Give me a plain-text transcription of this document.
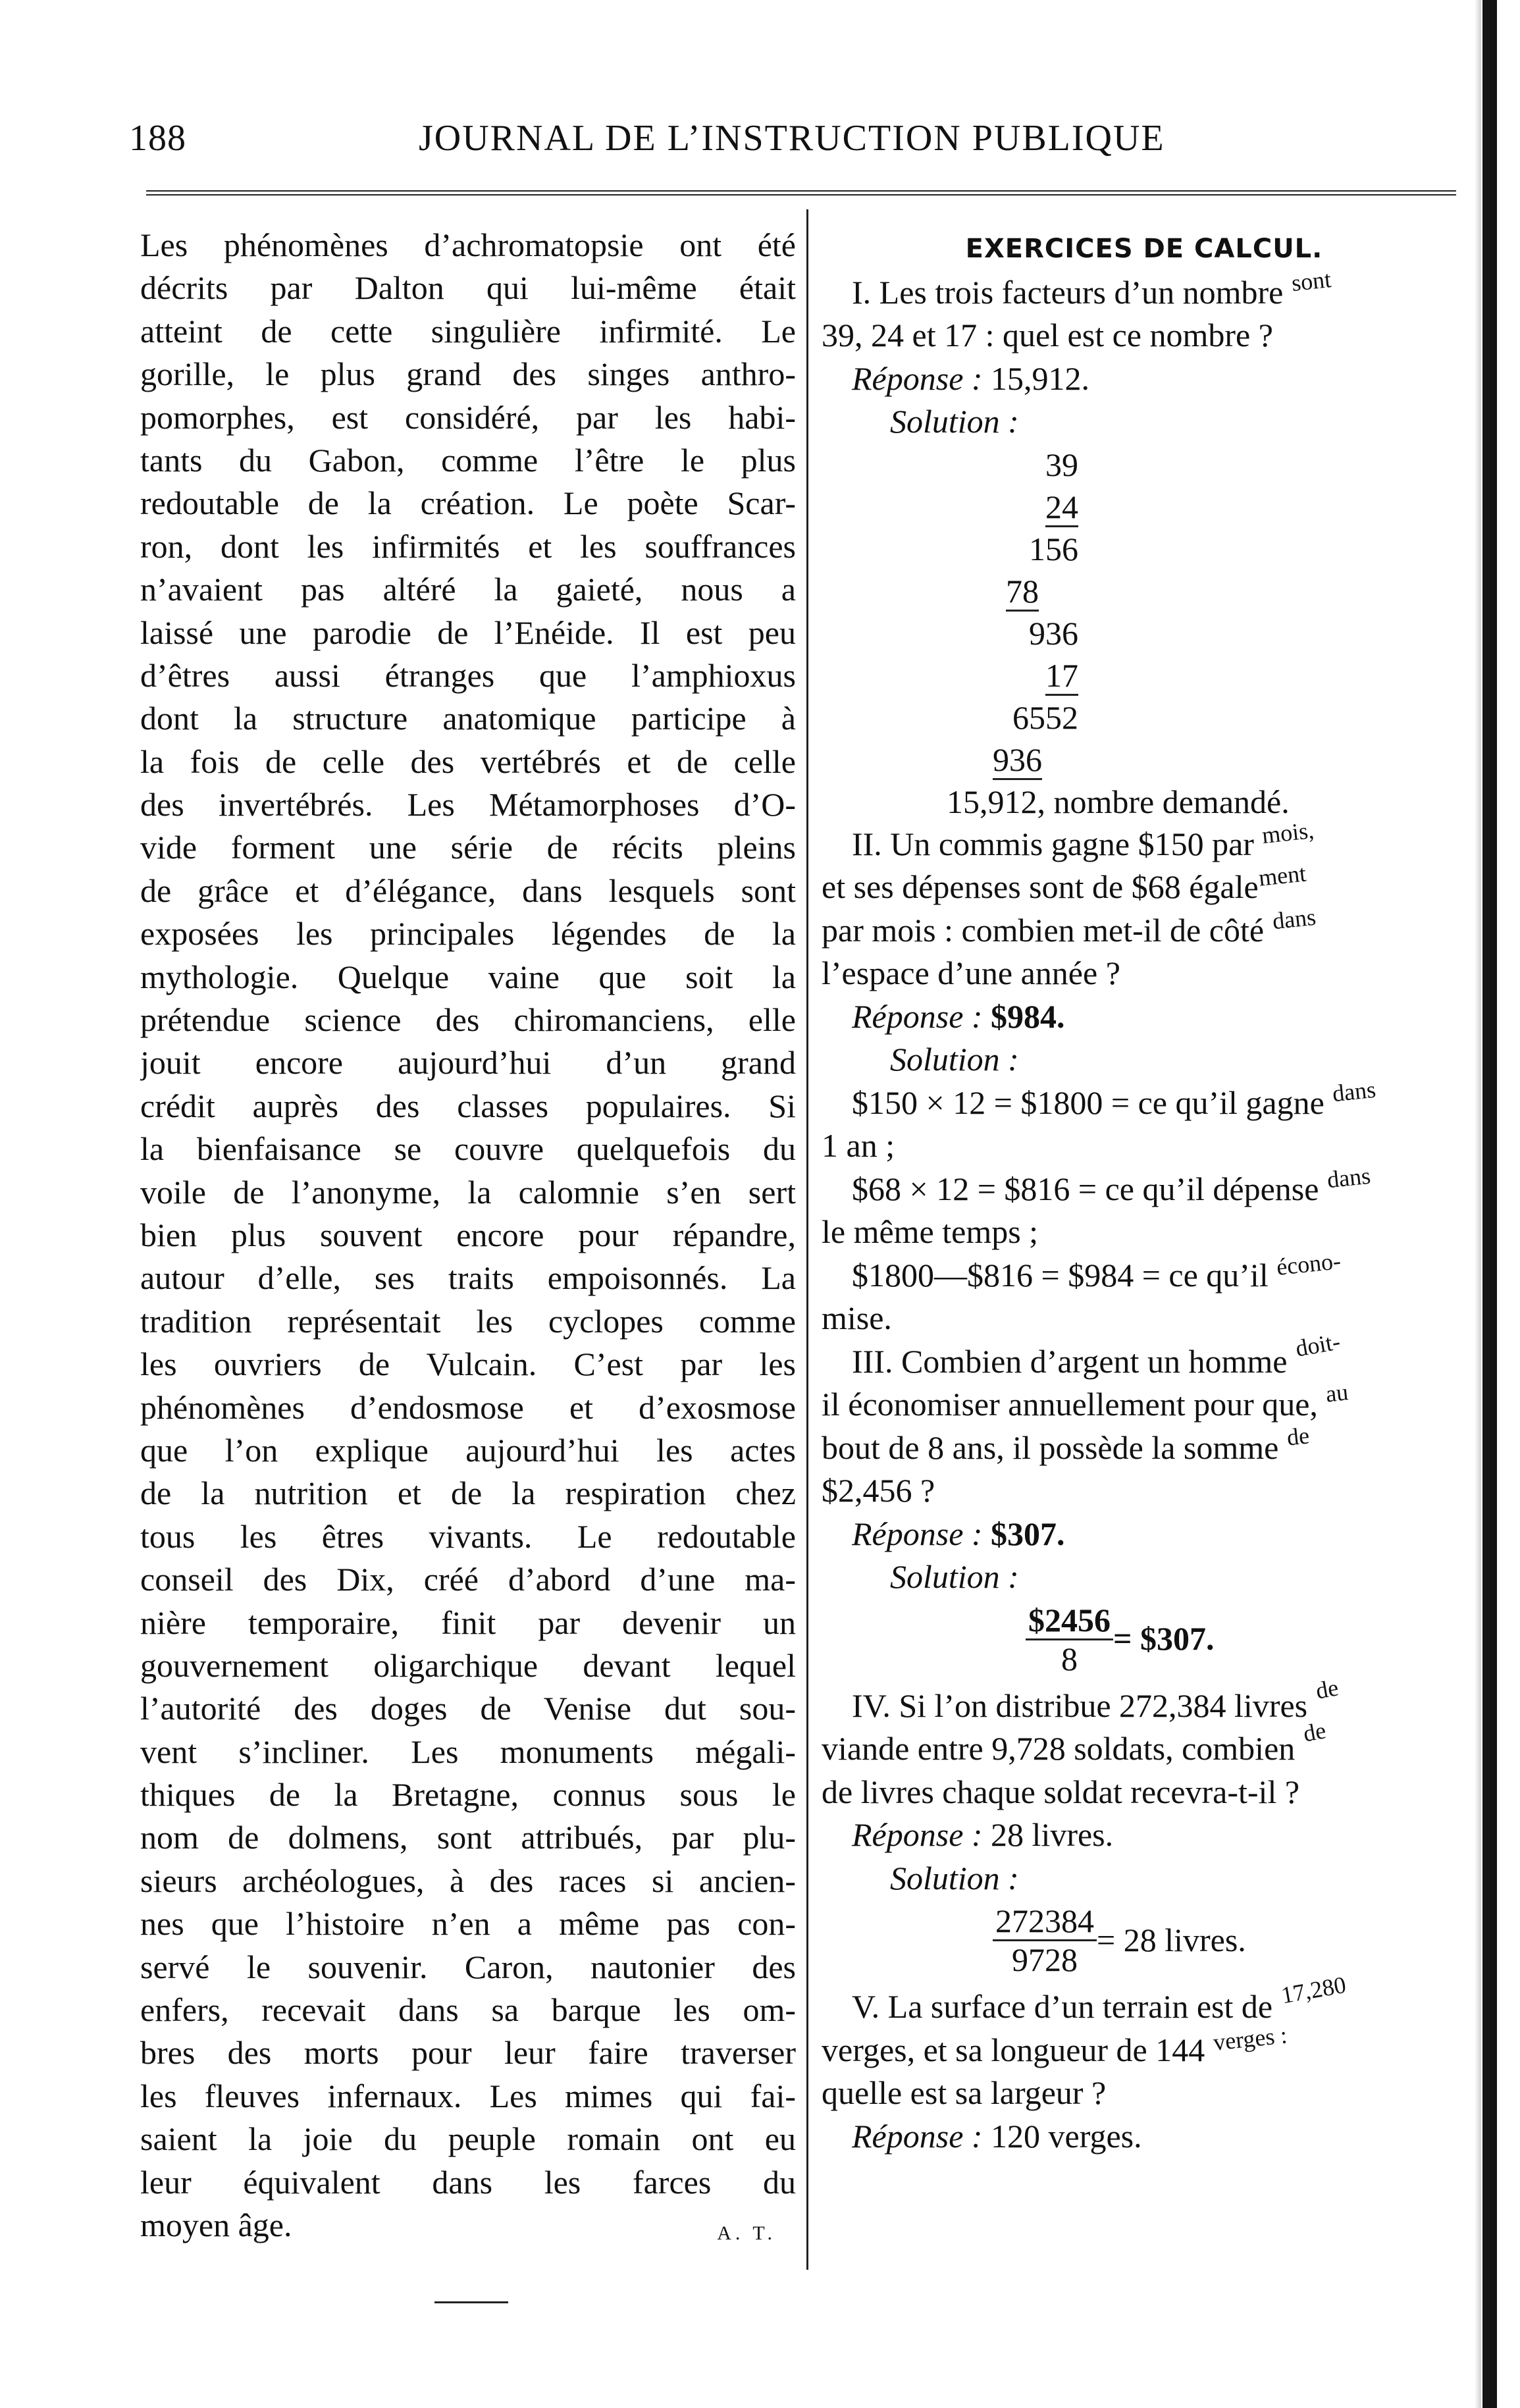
188	JOURNAL DE L’INSTRUCTION PUBLIQUE
Les phénomènes d’achromatopsie ont été
décrits par Dalton qui lui-même était
atteint de cette singulière infirmité. Le
gorille, le plus grand des singes anthro-
pomorphes, est considéré, par les habi-
tants du Gabon, comme l’être le plus
redoutable de la création. Le poète Scar-
ron, dont les infirmités et les souffrances
n’avaient pas altéré la gaieté, nous a
laissé une parodie de l’Enéide. Il est peu
d’êtres aussi étranges que l’amphioxus
dont la structure anatomique participe à
la fois de celle des vertébrés et de celle
des invertébrés. Les Métamorphoses d’O-
vide forment une série de récits pleins
de grâce et d’élégance, dans lesquels sont
exposées les principales légendes de la
mythologie. Quelque vaine que soit la
prétendue science des chiromanciens, elle
jouit encore aujourd’hui d’un grand
crédit auprès des classes populaires. Si
la bienfaisance se couvre quelquefois du
voile de l’anonyme, la calomnie s’en sert
bien plus souvent encore pour répandre,
autour d’elle, ses traits empoisonnés. La
tradition représentait les cyclopes comme
les ouvriers de Vulcain. C’est par les
phénomènes d’endosmose et d’exosmose
que l’on explique aujourd’hui les actes
de la nutrition et de la respiration chez
tous les êtres vivants. Le redoutable
conseil des Dix, créé d’abord d’une ma-
nière temporaire, finit par devenir un
gouvernement oligarchique devant lequel
l’autorité des doges de Venise dut sou-
vent s’incliner. Les monuments mégali-
thiques de la Bretagne, connus sous le
nom de dolmens, sont attribués, par plu-
sieurs archéologues, à des races si ancien-
nes que l’histoire n’en a même pas con-
servé le souvenir. Caron, nautonier des
enfers, recevait dans sa barque les om-
bres des morts pour leur faire traverser
les fleuves infernaux. Les mimes qui fai-
saient la joie du peuple romain ont eu
leur équivalent dans les farces du
moyen âge.	A. T.
EXERCICES DE CALCUL.
I. Les trois facteurs d’un nombre sont
39, 24 et 17 : quel est ce nombre ?
Réponse : 15,912.
Solution :
39
24
156
78
936
17
6552
936
15,912, nombre demandé.
II. Un commis gagne $150 par mois,
et ses dépenses sont de $68 également
par mois : combien met-il de côté dans
l’espace d’une année ?
Réponse : $984.
Solution :
$150 × 12 = $1800 = ce qu’il gagne dans
1 an ;
$68 × 12 = $816 = ce qu’il dépense dans
le même temps ;
$1800—$816 = $984 = ce qu’il écono-
mise.
III. Combien d’argent un homme doit-
il économiser annuellement pour que, au
bout de 8 ans, il possède la somme de
$2,456 ?
Réponse : $307.
Solution :
$\frac{\$2456}{8}$ = $307.
IV. Si l’on distribue 272,384 livres de
viande entre 9,728 soldats, combien de
de livres chaque soldat recevra-t-il ?
Réponse : 28 livres.
Solution :
$\frac{272384}{9728} = 28$ livres.
V. La surface d’un terrain est de 17,280
verges, et sa longueur de 144 verges :
quelle est sa largeur ?
Réponse : 120 verges.
